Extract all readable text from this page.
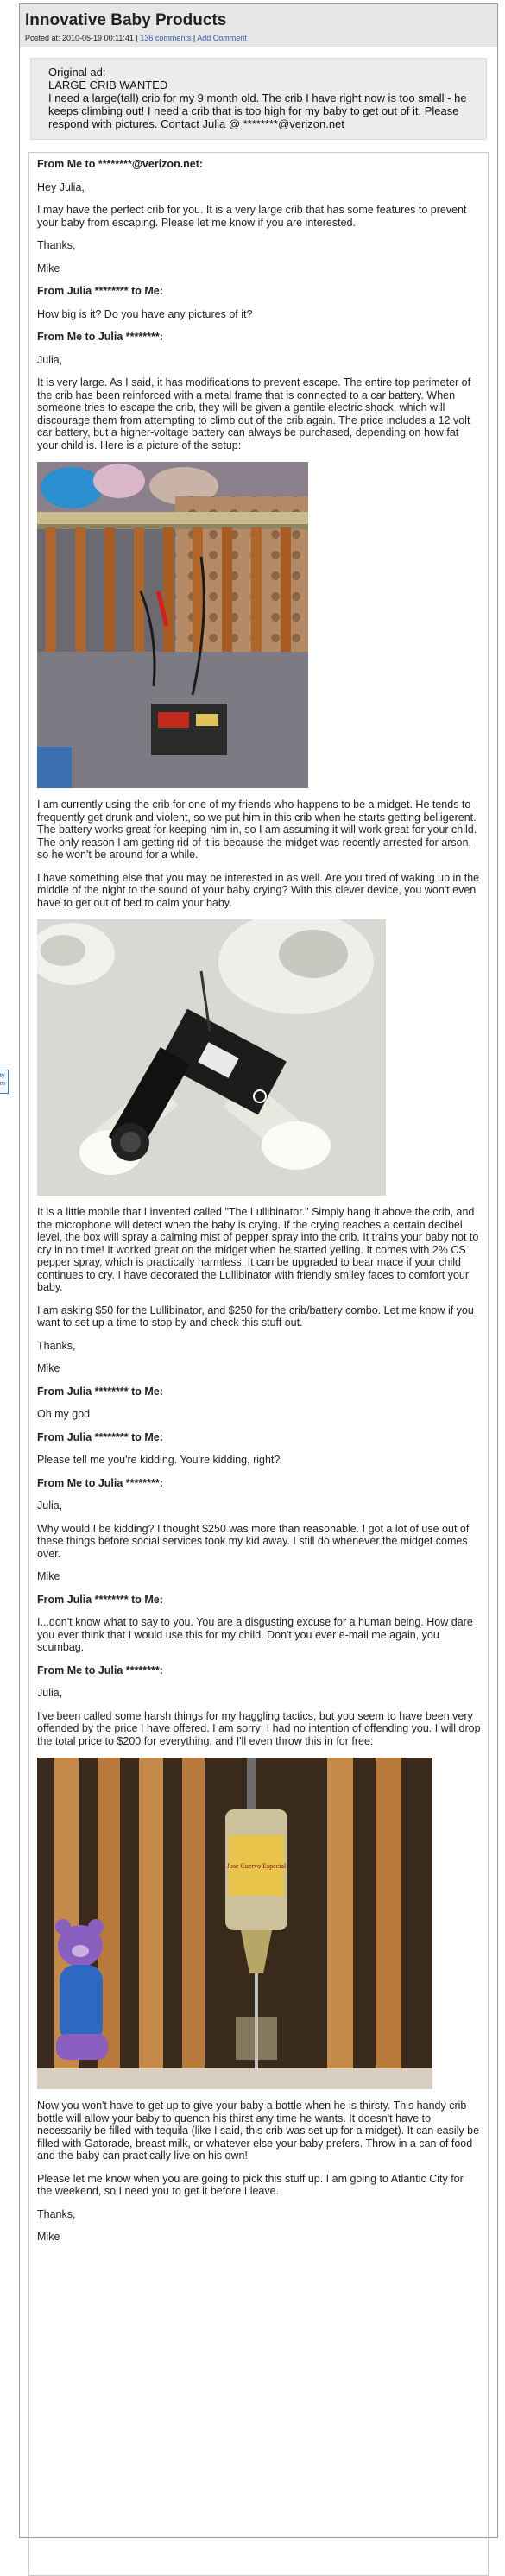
ty m
Innovative Baby Products
Posted at: 2010-05-19 00:11:41 | 136 comments | Add Comment

Original ad:

LARGE CRIB WANTED

I need a large(tall) crib for my 9 month old. The crib I have right now is too small - he keeps climbing out! I need a crib that is too high for my baby to get out of it. Please respond with pictures. Contact Julia @ ********@verizon.net

From Me to ********@verizon.net:

Hey Julia,

I may have the perfect crib for you. It is a very large crib that has some features to prevent your baby from escaping. Please let me know if you are interested.

Thanks,

Mike

From Julia ******** to Me:

How big is it? Do you have any pictures of it?

From Me to Julia ********:

Julia,

It is very large. As I said, it has modifications to prevent escape. The entire top perimeter of the crib has been reinforced with a metal frame that is connected to a car battery. When someone tries to escape the crib, they will be given a gentile electric shock, which will discourage them from attempting to climb out of the crib again. The price includes a 12 volt car battery, but a higher-voltage battery can always be purchased, depending on how fat your child is. Here is a picture of the setup:

I am currently using the crib for one of my friends who happens to be a midget. He tends to frequently get drunk and violent, so we put him in this crib when he starts getting belligerent. The battery works great for keeping him in, so I am assuming it will work great for your child. The only reason I am getting rid of it is because the midget was recently arrested for arson, so he won't be around for a while.

I have something else that you may be interested in as well. Are you tired of waking up in the middle of the night to the sound of your baby crying? With this clever device, you won't even have to get out of bed to calm your baby.

It is a little mobile that I invented called "The Lullibinator." Simply hang it above the crib, and the microphone will detect when the baby is crying. If the crying reaches a certain decibel level, the box will spray a calming mist of pepper spray into the crib. It trains your baby not to cry in no time! It worked great on the midget when he started yelling. It comes with 2% CS pepper spray, which is practically harmless. It can be upgraded to bear mace if your child continues to cry. I have decorated the Lullibinator with friendly smiley faces to comfort your baby.

I am asking $50 for the Lullibinator, and $250 for the crib/battery combo. Let me know if you want to set up a time to stop by and check this stuff out.

Thanks,

Mike

From Julia ******** to Me:

Oh my god

From Julia ******** to Me:

Please tell me you're kidding. You're kidding, right?

From Me to Julia ********:

Julia,

Why would I be kidding? I thought $250 was more than reasonable. I got a lot of use out of these things before social services took my kid away. I still do whenever the midget comes over.

Mike

From Julia ******** to Me:

I...don't know what to say to you. You are a disgusting excuse for a human being. How dare you ever think that I would use this for my child. Don't you ever e-mail me again, you scumbag.

From Me to Julia ********:

Julia,

I've been called some harsh things for my haggling tactics, but you seem to have been very offended by the price I have offered. I am sorry; I had no intention of offending you. I will drop the total price to $200 for everything, and I'll even throw this in for free:

Jose Cuervo Especial

Now you won't have to get up to give your baby a bottle when he is thirsty. This handy crib-bottle will allow your baby to quench his thirst any time he wants. It doesn't have to necessarily be filled with tequila (like I said, this crib was set up for a midget). It can easily be filled with Gatorade, breast milk, or whatever else your baby prefers. Throw in a can of food and the baby can practically live on his own!

Please let me know when you are going to pick this stuff up. I am going to Atlantic City for the weekend, so I need you to get it before I leave.

Thanks,

Mike
